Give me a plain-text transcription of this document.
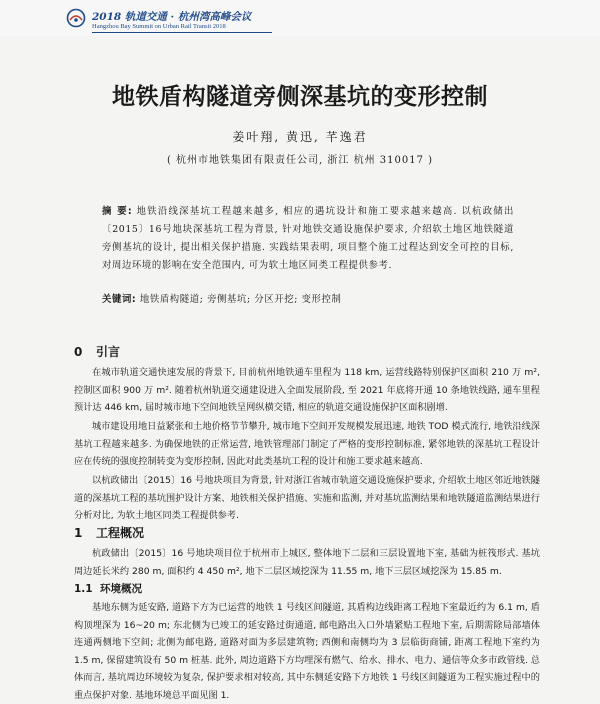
2018 轨道交通 · 杭州湾高峰会议
Hangzhou Bay Summit on Urban Rail Transit 2018
地铁盾构隧道旁侧深基坑的变形控制
姜叶翔, 黄迅, 芊逸君
( 杭州市地铁集团有限责任公司, 浙江 杭州 310017 )
摘 要: 地铁沿线深基坑工程越来越多, 相应的遇坑设计和施工要求越来越高. 以杭政储出〔2015〕16号地块深基坑工程为背景, 针对地铁交通设施保护要求, 介绍软土地区地铁隧道旁侧基坑的设计, 提出相关保护措施. 实践结果表明, 项目整个施工过程达到安全可控的目标, 对周边环境的影响在安全范围内, 可为软土地区同类工程提供参考.
关键词: 地铁盾构隧道; 旁侧基坑; 分区开挖; 变形控制
0 引言
在城市轨道交通快速发展的背景下, 目前杭州地铁通车里程为 118 km, 运营线路特别保护区面积 210 万 m², 控制区面积 900 万 m². 随着杭州轨道交通建设进入全面发展阶段, 至 2021 年底将开通 10 条地铁线路, 通车里程预计达 446 km, 届时城市地下空间地铁呈网纵横交错, 相应的轨道交通设施保护区面积剧增.
城市建设用地日益紧张和土地价格节节攀升, 城市地下空间开发规模发展迅速, 地铁 TOD 模式流行, 地铁沿线深基坑工程越来越多. 为确保地铁的正常运营, 地铁管理部门制定了严格的变形控制标准, 紧邻地铁的深基坑工程设计应在传统的强度控制转变为变形控制, 因此对此类基坑工程的设计和施工要求越来越高.
以杭政储出〔2015〕16 号地块项目为背景, 针对浙江省城市轨道交通设施保护要求, 介绍软土地区邻近地铁隧道的深基坑工程的基坑围护设计方案、地铁相关保护措施、实施和监测, 并对基坑监测结果和地铁隧道监测结果进行分析对比, 为软土地区同类工程提供参考.
1 工程概况
杭政储出〔2015〕16 号地块项目位于杭州市上城区, 整体地下二层和三层设置地下室, 基础为桩筏形式. 基坑周边延长米约 280 m, 面积约 4 450 m², 地下二层区域挖深为 11.55 m, 地下三层区域挖深为 15.85 m.
1.1 环境概况
基地东侧为延安路, 道路下方为已运营的地铁 1 号线区间隧道, 其盾构边线距离工程地下室最近约为 6.1 m, 盾构顶埋深为 16~20 m; 东北侧为已竣工的延安路过街通道, 邮电路出入口外墙紧贴工程地下室, 后期需除局部墙体连通两侧地下空间; 北侧为邮电路, 道路对面为多层建筑物; 西侧和南侧均为 3 层临街商铺, 距离工程地下室约为 1.5 m, 保留建筑设有 50 m 桩基. 此外, 周边道路下方均埋深有燃气、给水、排水、电力、通信等众多市政管线. 总体而言, 基坑周边环境较为复杂, 保护要求相对较高, 其中东侧延安路下方地铁 1 号线区间隧道为工程实施过程中的重点保护对象. 基地环境总平面见图 1.
